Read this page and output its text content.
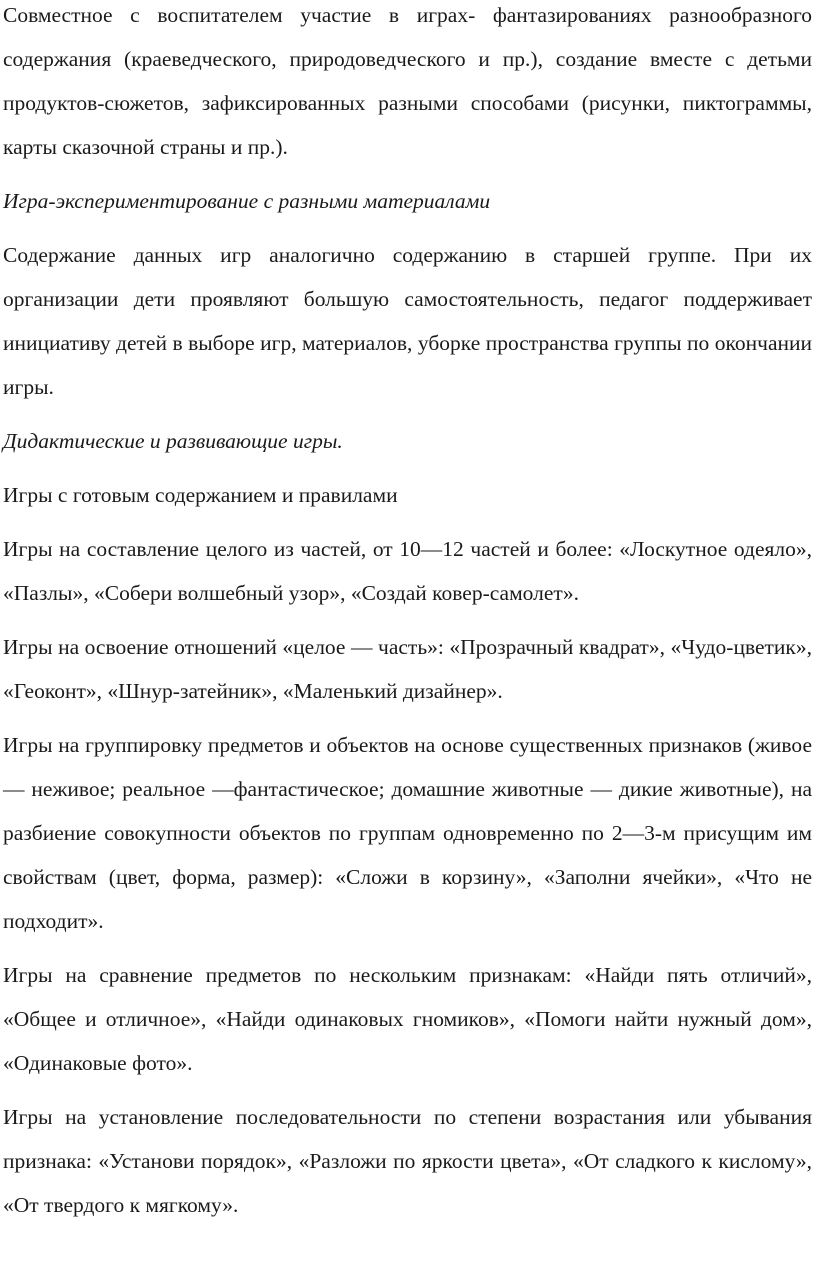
Совместное с воспитателем участие в играх- фантазированиях разнообразного содержания (краеведческого, природоведческого и пр.), создание вместе с детьми продуктов-сюжетов, зафиксированных разными способами (рисунки, пиктограммы, карты сказочной страны и пр.).

Игра-экспериментирование с разными материалами

Содержание данных игр аналогично содержанию в старшей группе. При их организации дети проявляют большую самостоятельность, педагог поддерживает инициативу детей в выборе игр, материалов, уборке пространства группы по окончании игры.

Дидактические и развивающие игры.

Игры с готовым содержанием и правилами

Игры на составление целого из частей, от 10—12 частей и более: «Лоскутное одеяло», «Пазлы», «Собери волшебный узор», «Создай ковер-самолет».

Игры на освоение отношений «целое — часть»: «Прозрачный квадрат», «Чудо-цветик», «Геоконт», «Шнур-затейник», «Маленький дизайнер».

Игры на группировку предметов и объектов на основе существенных признаков (живое — неживое; реальное —фантастическое; домашние животные — дикие животные), на разбиение совокупности объектов по группам одновременно по 2—3-м присущим им свойствам (цвет, форма, размер): «Сложи в корзину», «Заполни ячейки», «Что не подходит».

Игры на сравнение предметов по нескольким признакам: «Найди пять отличий», «Общее и отличное», «Найди одинаковых гномиков», «Помоги найти нужный дом», «Одинаковые фото».

Игры на установление последовательности по степени возрастания или убывания признака: «Установи порядок», «Разложи по яркости цвета», «От сладкого к кислому», «От твердого к мягкому».
